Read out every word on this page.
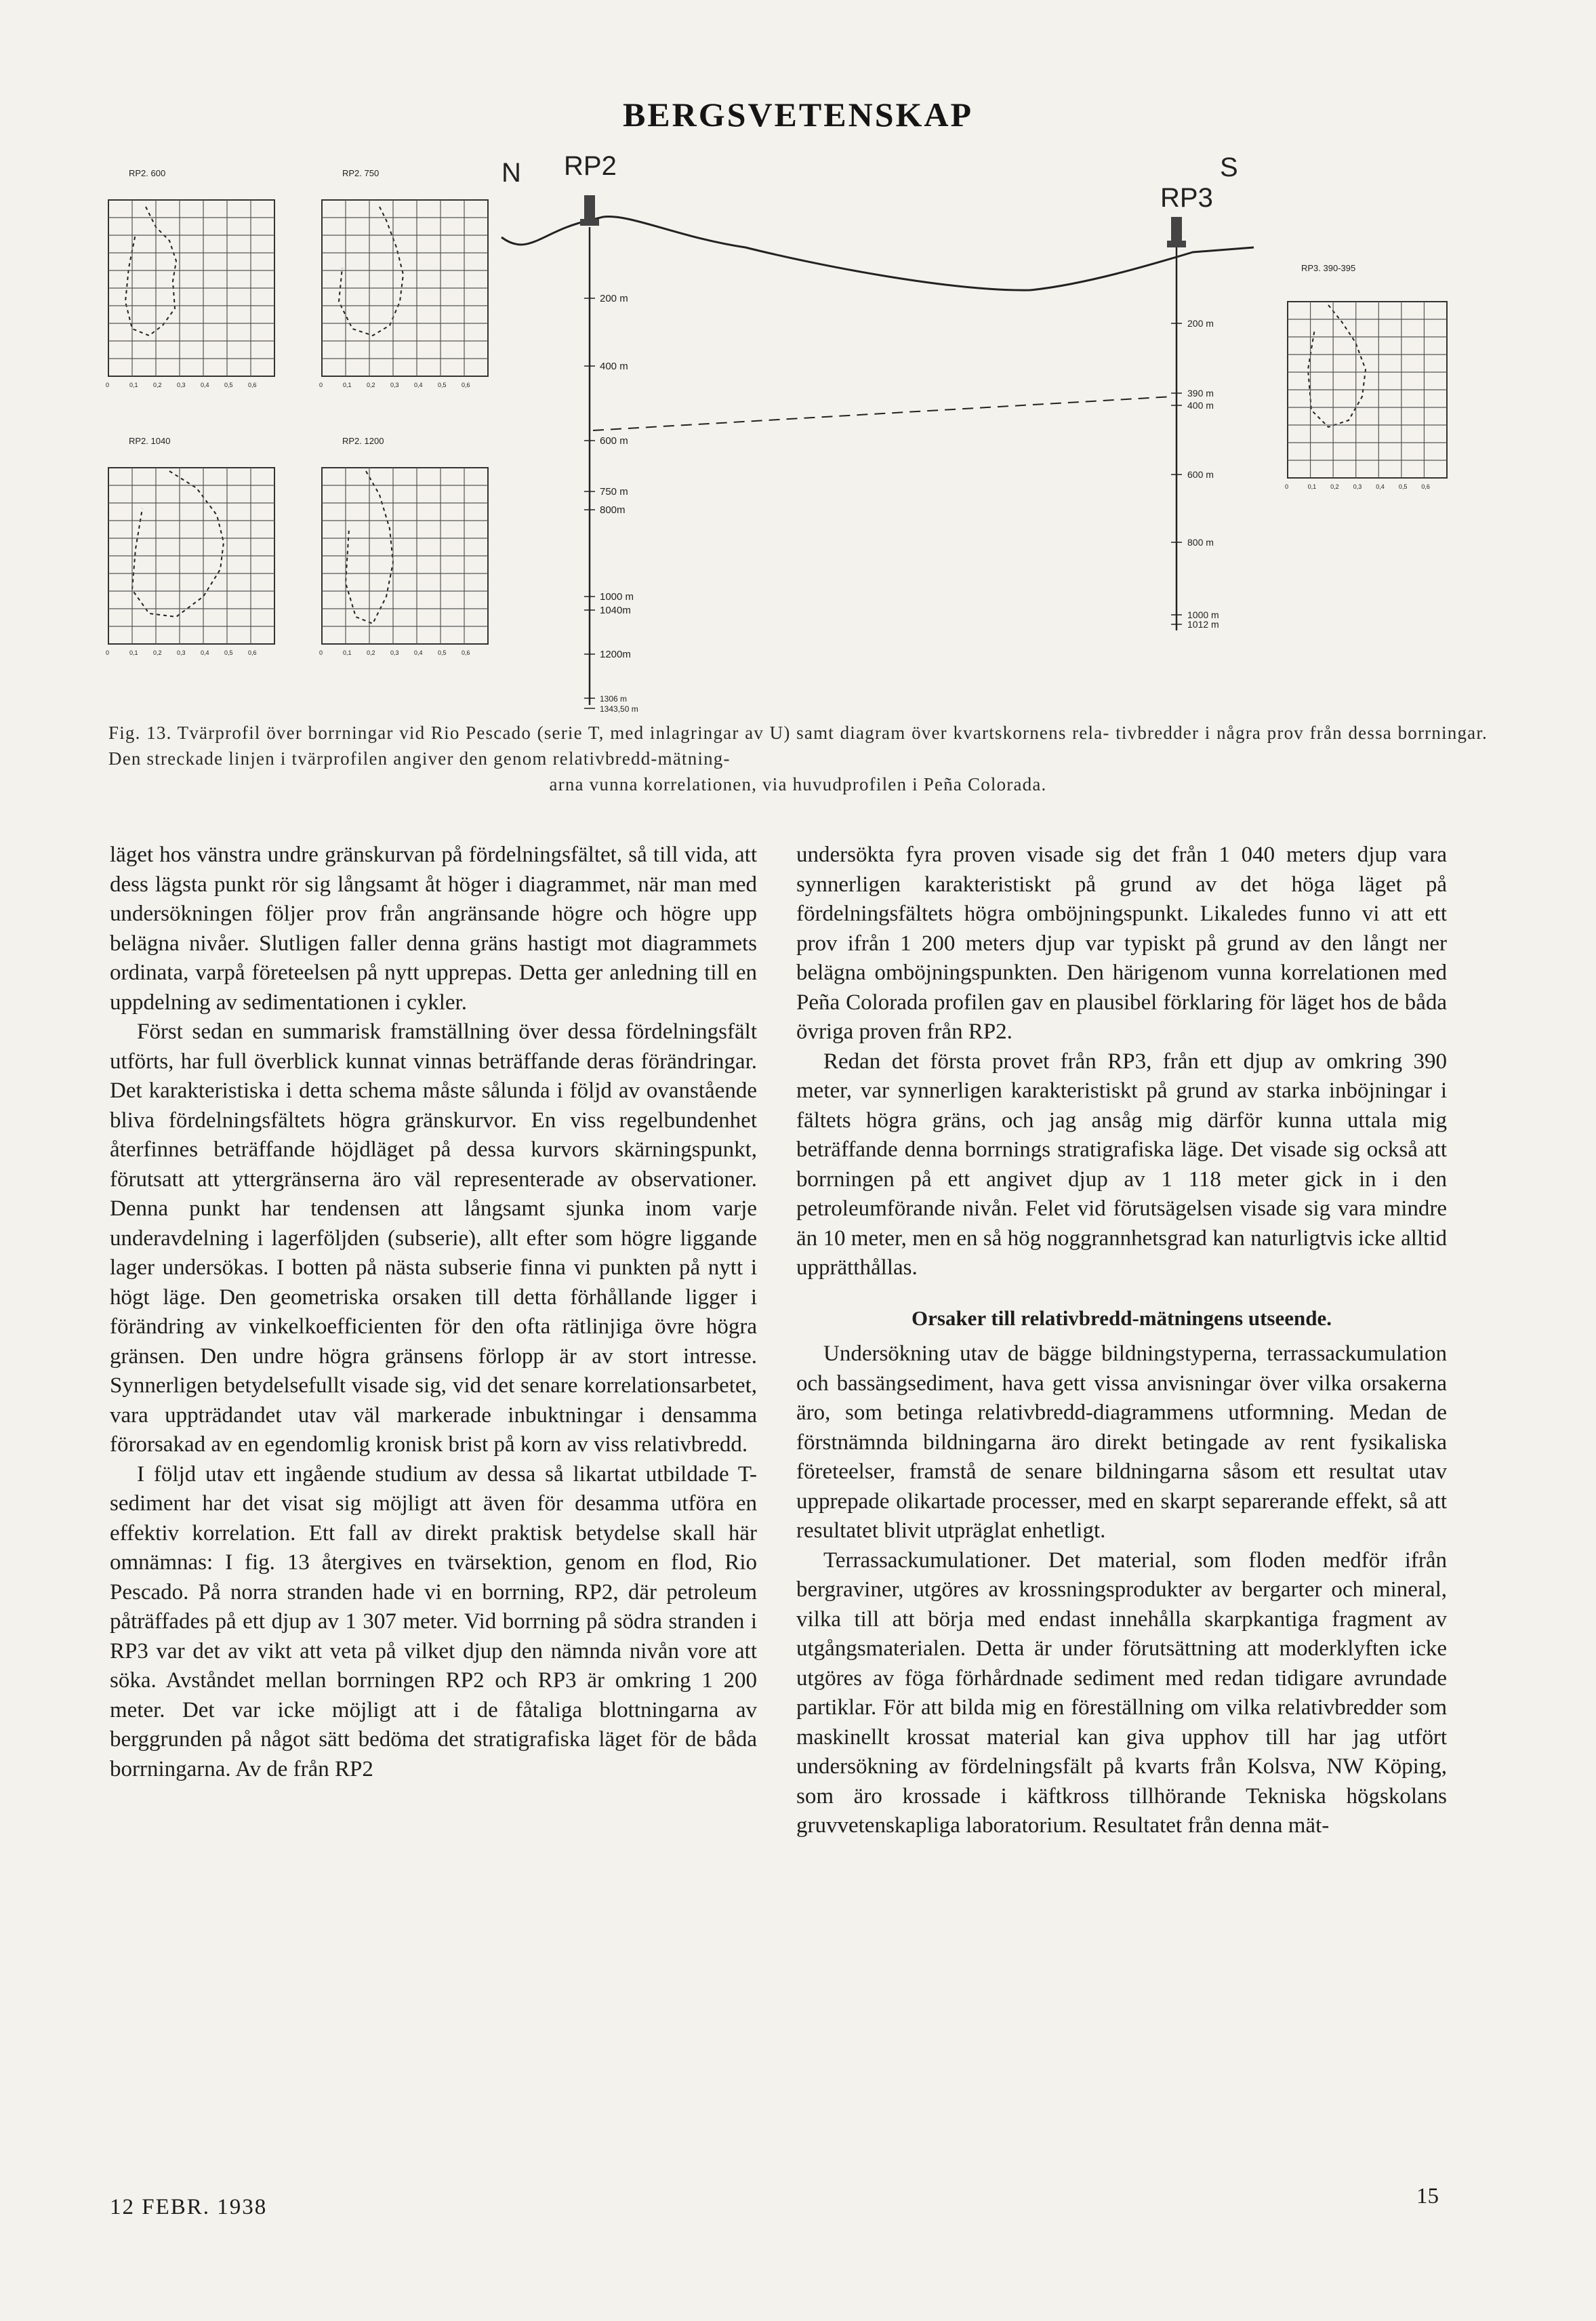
BERGSVETENSKAP
RP2. 600
0	0,1 0,2 0,3 0,4 0,5 0,6
RP2. 750
0	0,1 0,2 0,3 0,4 0,5 0,6
RP2. 1040
0	0,1 0,2 0,3 0,4 0,5 0,6
RP2. 1200
0	0,1 0,2 0,3 0,4 0,5 0,6
RP3. 390-395
0	0,1 0,2 0,3 0,4 0,5 0,6
N	S
RP2
RP3
200 m
400 m
600 m
750 m
800m
1000 m
1040m
1200m
1306 m
1343,50 m
200 m
390 m
400 m
600 m
800 m
1000 m
1012 m
Fig. 13. Tvärprofil över borrningar vid Rio Pescado (serie T, med inlagringar av U) samt diagram över kvartskornens rela- tivbredder i några prov från dessa borrningar. Den streckade linjen i tvärprofilen angiver den genom relativbredd-mätning-
arna vunna korrelationen, via huvudprofilen i Peña Colorada.

läget hos vänstra undre gränskurvan på fördelningsfältet, så till vida, att dess lägsta punkt rör sig långsamt åt höger i diagrammet, när man med undersökningen följer prov från angränsande högre och högre upp belägna nivåer. Slutligen faller denna gräns hastigt mot diagrammets ordinata, varpå företeelsen på nytt upprepas. Detta ger anledning till en uppdelning av sedimentationen i cykler.

Först sedan en summarisk framställning över dessa fördelningsfält utförts, har full överblick kunnat vinnas beträffande deras förändringar. Det karakteristiska i detta schema måste sålunda i följd av ovanstående bliva fördelningsfältets högra gränskurvor. En viss regelbundenhet återfinnes beträffande höjdläget på dessa kurvors skärningspunkt, förutsatt att yttergränserna äro väl representerade av observationer. Denna punkt har tendensen att långsamt sjunka inom varje underavdelning i lagerföljden (subserie), allt efter som högre liggande lager undersökas. I botten på nästa subserie finna vi punkten på nytt i högt läge. Den geometriska orsaken till detta förhållande ligger i förändring av vinkelkoefficienten för den ofta rätlinjiga övre högra gränsen. Den undre högra gränsens förlopp är av stort intresse. Synnerligen betydelsefullt visade sig, vid det senare korrelationsarbetet, vara uppträdandet utav väl markerade inbuktningar i densamma förorsakad av en egendomlig kronisk brist på korn av viss relativbredd.

I följd utav ett ingående studium av dessa så likartat utbildade T-sediment har det visat sig möjligt att även för desamma utföra en effektiv korrelation. Ett fall av direkt praktisk betydelse skall här omnämnas: I fig. 13 återgives en tvärsektion, genom en flod, Rio Pescado. På norra stranden hade vi en borrning, RP2, där petroleum påträffades på ett djup av 1 307 meter. Vid borrning på södra stranden i RP3 var det av vikt att veta på vilket djup den nämnda nivån vore att söka. Avståndet mellan borrningen RP2 och RP3 är omkring 1 200 meter. Det var icke möjligt att i de fåtaliga blottningarna av berggrunden på något sätt bedöma det stratigrafiska läget för de båda borrningarna. Av de från RP2

undersökta fyra proven visade sig det från 1 040 meters djup vara synnerligen karakteristiskt på grund av det höga läget på fördelningsfältets högra omböjningspunkt. Likaledes funno vi att ett prov ifrån 1 200 meters djup var typiskt på grund av den långt ner belägna omböjningspunkten. Den härigenom vunna korrelationen med Peña Colorada profilen gav en plausibel förklaring för läget hos de båda övriga proven från RP2.

Redan det första provet från RP3, från ett djup av omkring 390 meter, var synnerligen karakteristiskt på grund av starka inböjningar i fältets högra gräns, och jag ansåg mig därför kunna uttala mig beträffande denna borrnings stratigrafiska läge. Det visade sig också att borrningen på ett angivet djup av 1 118 meter gick in i den petroleumförande nivån. Felet vid förutsägelsen visade sig vara mindre än 10 meter, men en så hög noggrannhetsgrad kan naturligtvis icke alltid upprätthållas.

Orsaker till relativbredd-mätningens utseende.

Undersökning utav de bägge bildningstyperna, terrassackumulation och bassängsediment, hava gett vissa anvisningar över vilka orsakerna äro, som betinga relativbredd-diagrammens utformning. Medan de förstnämnda bildningarna äro direkt betingade av rent fysikaliska företeelser, framstå de senare bildningarna såsom ett resultat utav upprepade olikartade processer, med en skarpt separerande effekt, så att resultatet blivit utpräglat enhetligt.

Terrassackumulationer. Det material, som floden medför ifrån bergraviner, utgöres av krossningsprodukter av bergarter och mineral, vilka till att börja med endast innehålla skarpkantiga fragment av utgångsmaterialen. Detta är under förutsättning att moderklyften icke utgöres av föga förhårdnade sediment med redan tidigare avrundade partiklar. För att bilda mig en föreställning om vilka relativbredder som maskinellt krossat material kan giva upphov till har jag utfört undersökning av fördelningsfält på kvarts från Kolsva, NW Köping, som äro krossade i käftkross tillhörande Tekniska högskolans gruvvetenskapliga laboratorium. Resultatet från denna mät-

12 FEBR. 1938	15
